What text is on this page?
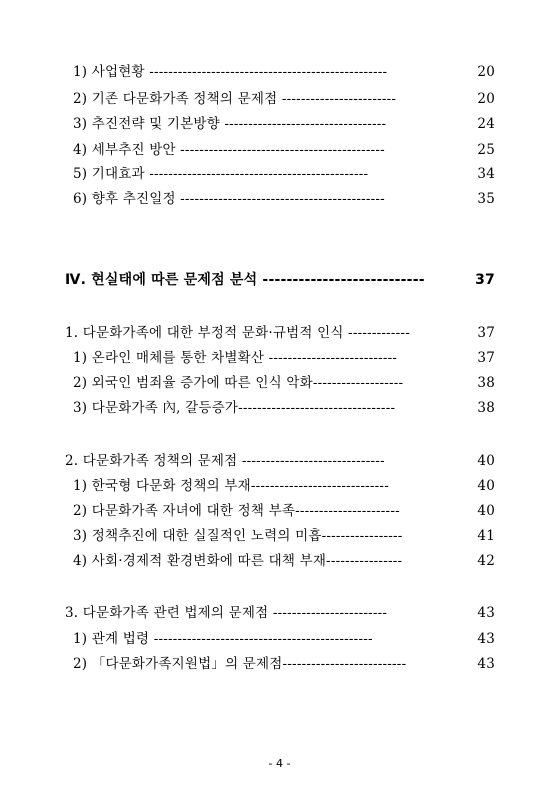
1) 사업현황 --------------------------------------------------	20
2) 기존 다문화가족 정책의 문제점 ------------------------	20
3) 추진전략 및 기본방향 ----------------------------------	24
4) 세부추진 방안 -------------------------------------------	25
5) 기대효과 ----------------------------------------------	34
6) 향후 추진일정 -------------------------------------------	35
Ⅳ. 현실태에 따른 문제점 분석 ---------------------------	37
1. 다문화가족에 대한 부정적 문화·규범적 인식 -------------	37
1) 온라인 매체를 통한 차별확산 ---------------------------	37
2) 외국인 범죄율 증가에 따른 인식 악화-------------------	38
3) 다문화가족 內, 갈등증가---------------------------------	38
2. 다문화가족 정책의 문제점 ------------------------------	40
1) 한국형 다문화 정책의 부재-----------------------------	40
2) 다문화가족 자녀에 대한 정책 부족----------------------	40
3) 정책추진에 대한 실질적인 노력의 미흡-----------------	41
4) 사회·경제적 환경변화에 따른 대책 부재----------------	42
3. 다문화가족 관련 법제의 문제점 ------------------------	43
1) 관계 법령 ----------------------------------------------	43
2) 「다문화가족지원법」의 문제점--------------------------	43
- 4 -
